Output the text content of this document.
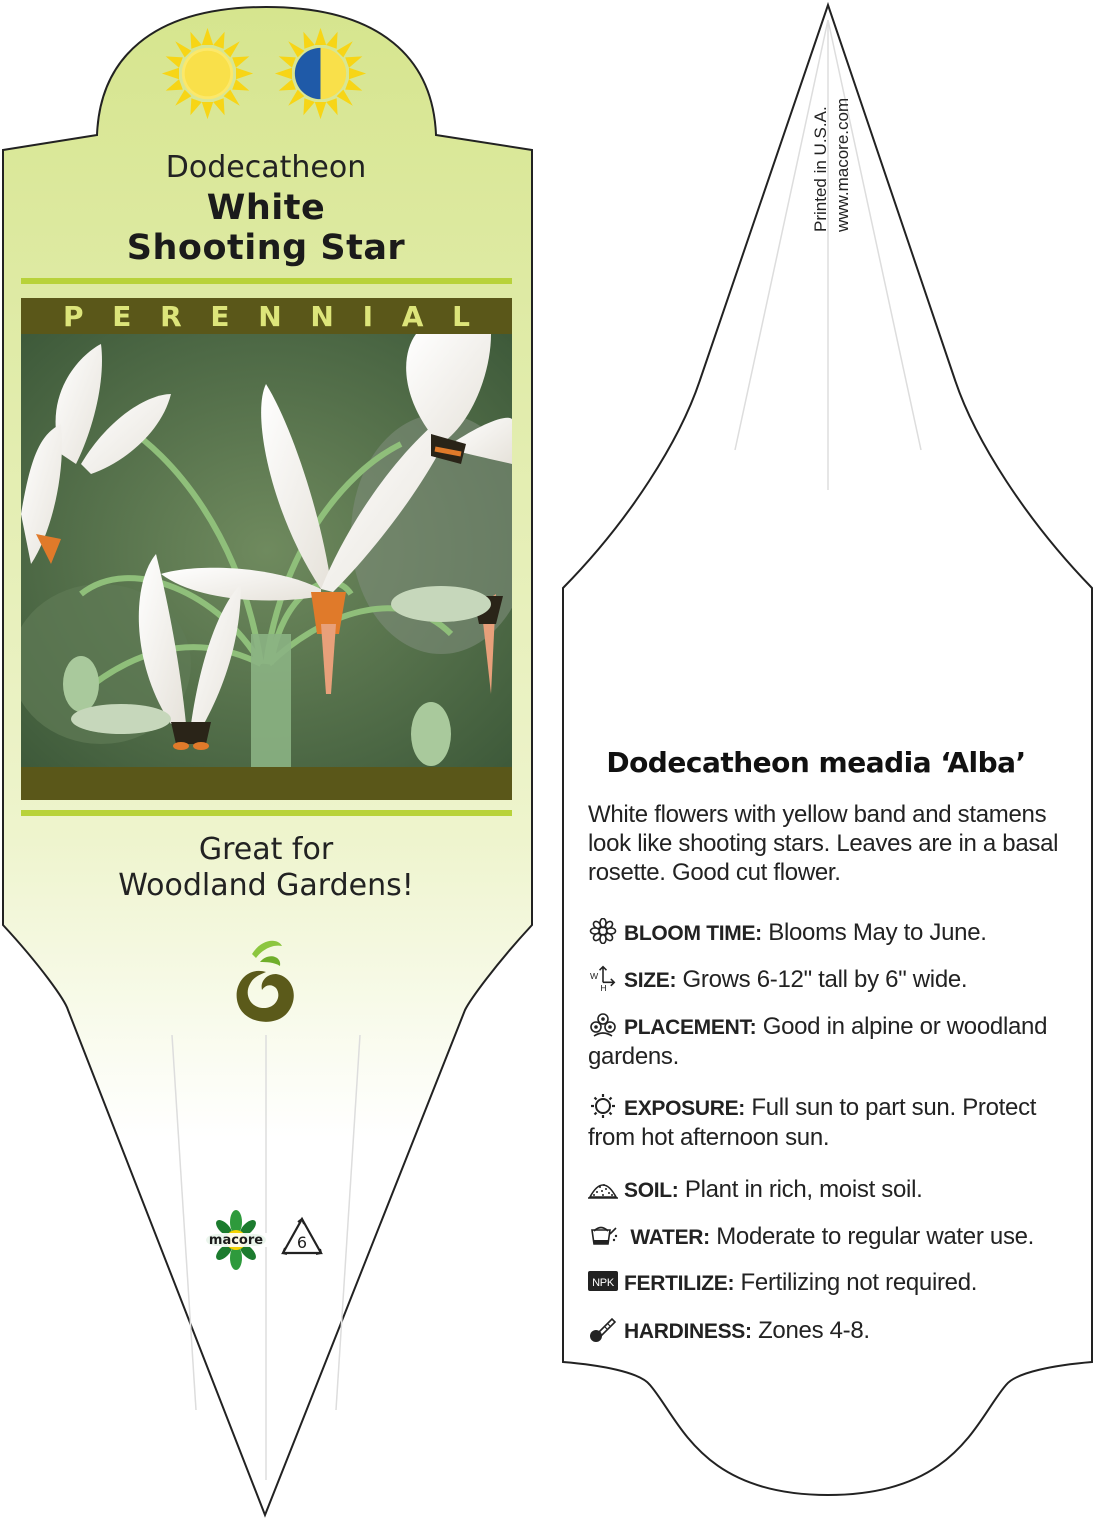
Dodecatheon
White
Shooting Star
P E R E N N I A L
Great for
Woodland Gardens!
macore 6
Printed in U.S.A. www.macore.com
Dodecatheon meadia ‘Alba’
White flowers with yellow band and stamens look like shooting stars. Leaves are in a basal rosette. Good cut flower.
BLOOM TIME: Blooms May to June.
W
H SIZE: Grows 6-12" tall by 6" wide.
PLACEMENT: Good in alpine or woodland gardens.
EXPOSURE: Full sun to part sun. Protect from hot afternoon sun.
SOIL: Plant in rich, moist soil.
WATER: Moderate to regular water use.
NPK FERTILIZE: Fertilizing not required.
HARDINESS: Zones 4-8.
